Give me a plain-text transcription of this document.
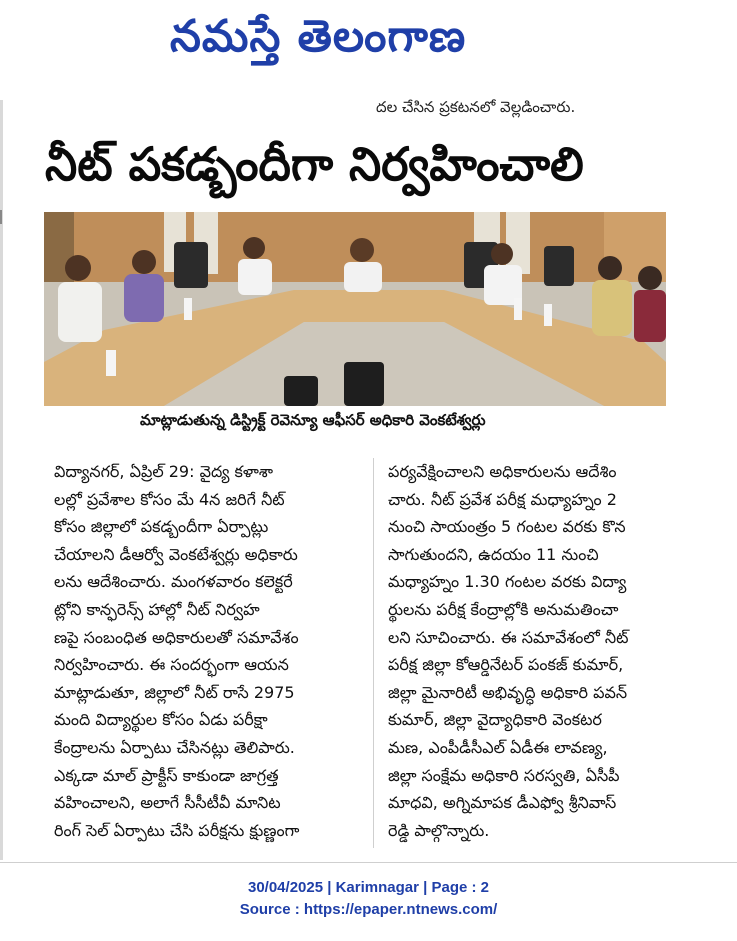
నమస్తే తెలంగాణ
దల చేసిన ప్రకటనలో వెల్లడించారు.
నీట్ పకడ్బందీగా నిర్వహించాలి
మాట్లాడుతున్న డిస్ట్రిక్ట్ రెవెన్యూ ఆఫీసర్ అధికారి వెంకటేశ్వర్లు
విద్యానగర్, ఏప్రిల్ 29: వైద్య కళాశా
లల్లో ప్రవేశాల కోసం మే 4న జరిగే నీట్
కోసం జిల్లాలో పకడ్బందీగా ఏర్పాట్లు
చేయాలని డీఆర్వో వెంకటేశ్వర్లు అధికారు
లను ఆదేశించారు. మంగళవారం కలెక్టరే
ట్లోని కాన్ఫరెన్స్ హాల్లో నీట్ నిర్వహ
ణపై సంబంధిత అధికారులతో సమావేశం
నిర్వహించారు. ఈ సందర్భంగా ఆయన
మాట్లాడుతూ, జిల్లాలో నీట్ రాసే 2975
మంది విద్యార్థుల కోసం ఏడు పరీక్షా
కేంద్రాలను ఏర్పాటు చేసినట్లు తెలిపారు.
ఎక్కడా మాల్ ప్రాక్టీస్ కాకుండా జాగ్రత్త
వహించాలని, అలాగే సీసీటీవీ మానిట
రింగ్ సెల్ ఏర్పాటు చేసి పరీక్షను క్షుణ్ణంగా
పర్యవేక్షించాలని అధికారులను ఆదేశిం
చారు. నీట్ ప్రవేశ పరీక్ష మధ్యాహ్నం 2
నుంచి సాయంత్రం 5 గంటల వరకు కొన
సాగుతుందని, ఉదయం 11 నుంచి
మధ్యాహ్నం 1.30 గంటల వరకు విద్యా
ర్థులను పరీక్ష కేంద్రాల్లోకి అనుమతించా
లని సూచించారు. ఈ సమావేశంలో నీట్
పరీక్ష జిల్లా కోఆర్డినేటర్ పంకజ్ కుమార్,
జిల్లా మైనారిటీ అభివృద్ధి అధికారి పవన్
కుమార్, జిల్లా వైద్యాధికారి వెంకటర
మణ, ఎంపీడీసీఎల్ ఏడీఈ లావణ్య,
జిల్లా సంక్షేమ అధికారి సరస్వతి, ఏసీపీ
మాధవి, అగ్నిమాపక డీఎఫ్వో శ్రీనివాస్
రెడ్డి పాల్గొన్నారు.
30/04/2025 | Karimnagar | Page : 2
Source : https://epaper.ntnews.com/
